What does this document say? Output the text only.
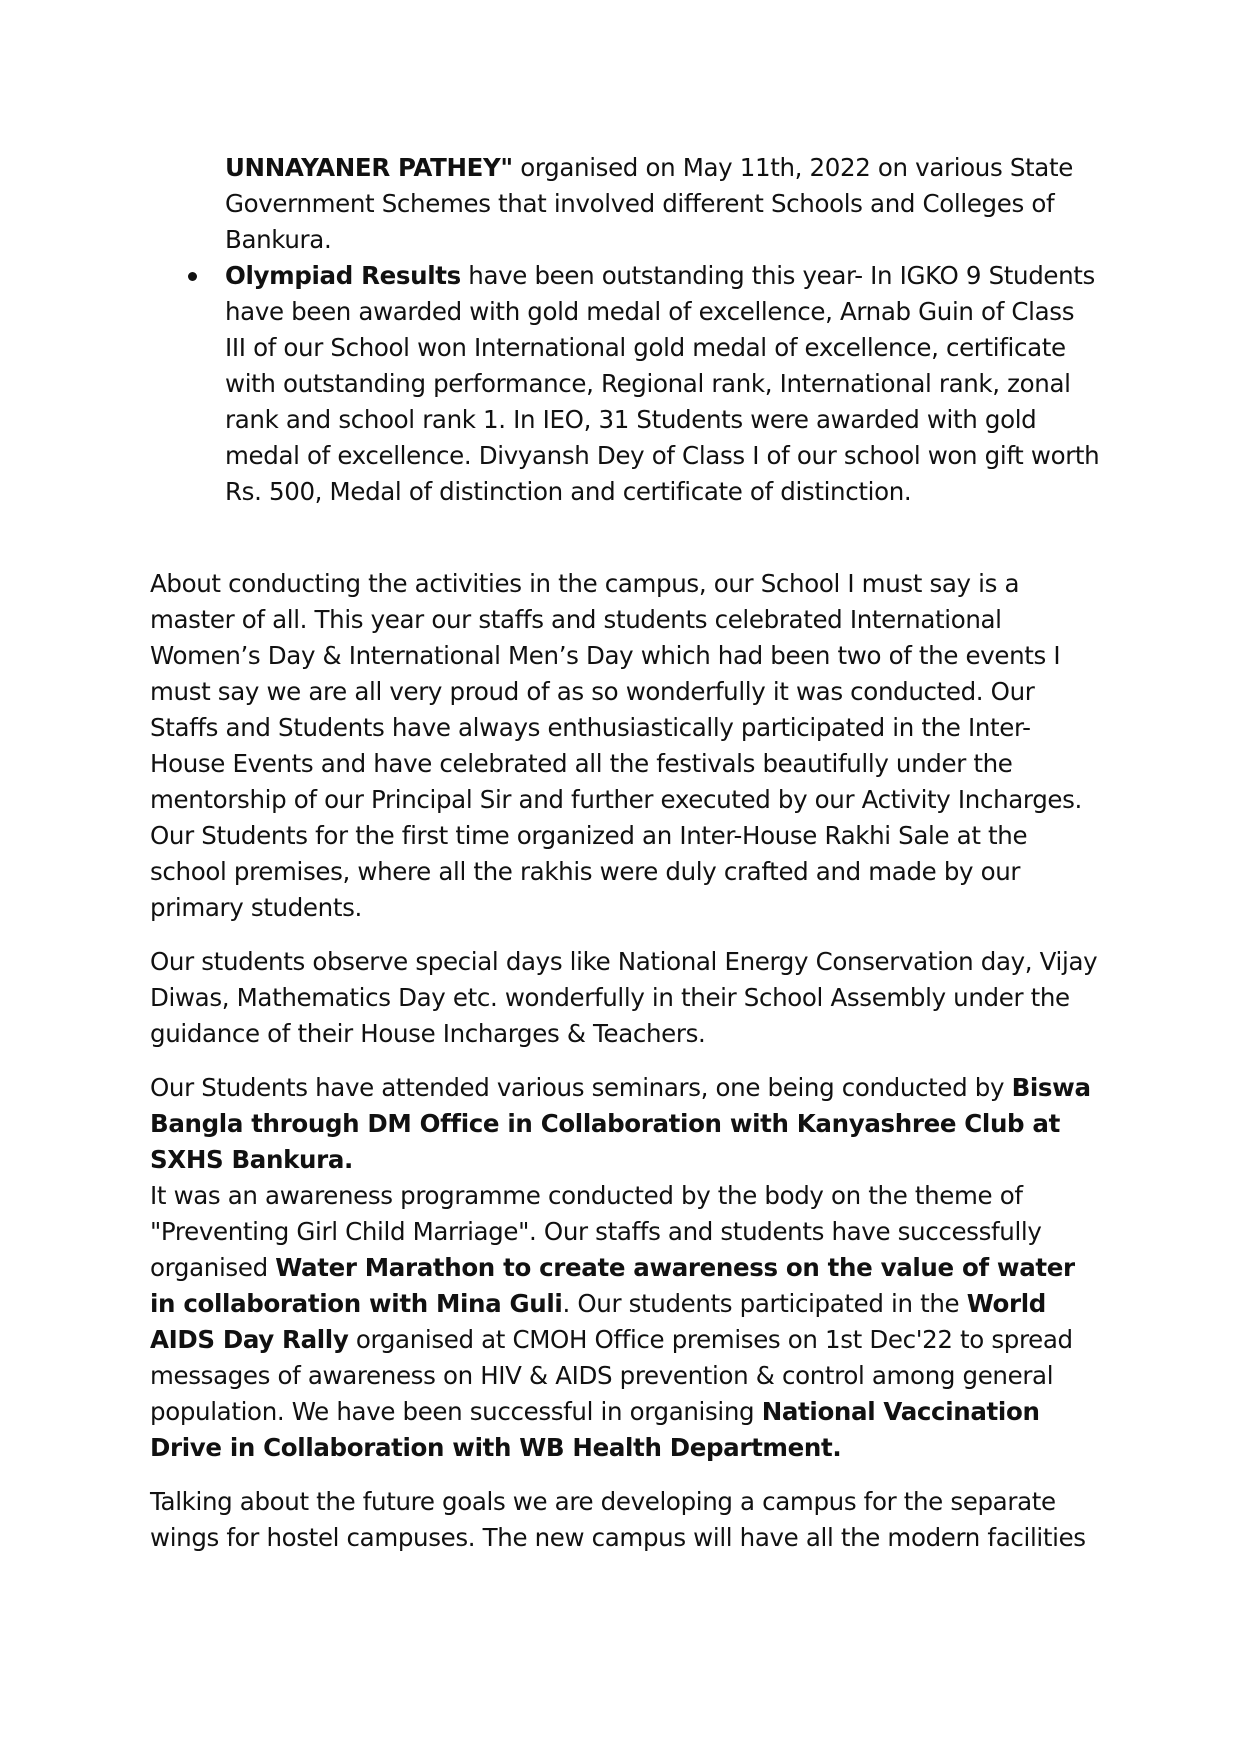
UNNAYANER PATHEY" organised on May 11th, 2022 on various State Government Schemes that involved different Schools and Colleges of Bankura.
Olympiad Results have been outstanding this year- In IGKO 9 Students have been awarded with gold medal of excellence, Arnab Guin of Class III of our School won International gold medal of excellence, certificate with outstanding performance, Regional rank, International rank, zonal rank and school rank 1. In IEO, 31 Students were awarded with gold medal of excellence. Divyansh Dey of Class I of our school won gift worth Rs. 500, Medal of distinction and certificate of distinction.

About conducting the activities in the campus, our School I must say is a master of all. This year our staffs and students celebrated International Women’s Day & International Men’s Day which had been two of the events I must say we are all very proud of as so wonderfully it was conducted. Our Staffs and Students have always enthusiastically participated in the Inter-House Events and have celebrated all the festivals beautifully under the mentorship of our Principal Sir and further executed by our Activity Incharges. Our Students for the first time organized an Inter-House Rakhi Sale at the school premises, where all the rakhis were duly crafted and made by our primary students.

Our students observe special days like National Energy Conservation day, Vijay Diwas, Mathematics Day etc. wonderfully in their School Assembly under the guidance of their House Incharges & Teachers.

Our Students have attended various seminars, one being conducted by Biswa Bangla through DM Office in Collaboration with Kanyashree Club at SXHS Bankura.
It was an awareness programme conducted by the body on the theme of "Preventing Girl Child Marriage". Our staffs and students have successfully organised Water Marathon to create awareness on the value of water in collaboration with Mina Guli. Our students participated in the World AIDS Day Rally organised at CMOH Office premises on 1st Dec'22 to spread messages of awareness on HIV & AIDS prevention & control among general population. We have been successful in organising National Vaccination Drive in Collaboration with WB Health Department.

Talking about the future goals we are developing a campus for the separate wings for hostel campuses. The new campus will have all the modern facilities
